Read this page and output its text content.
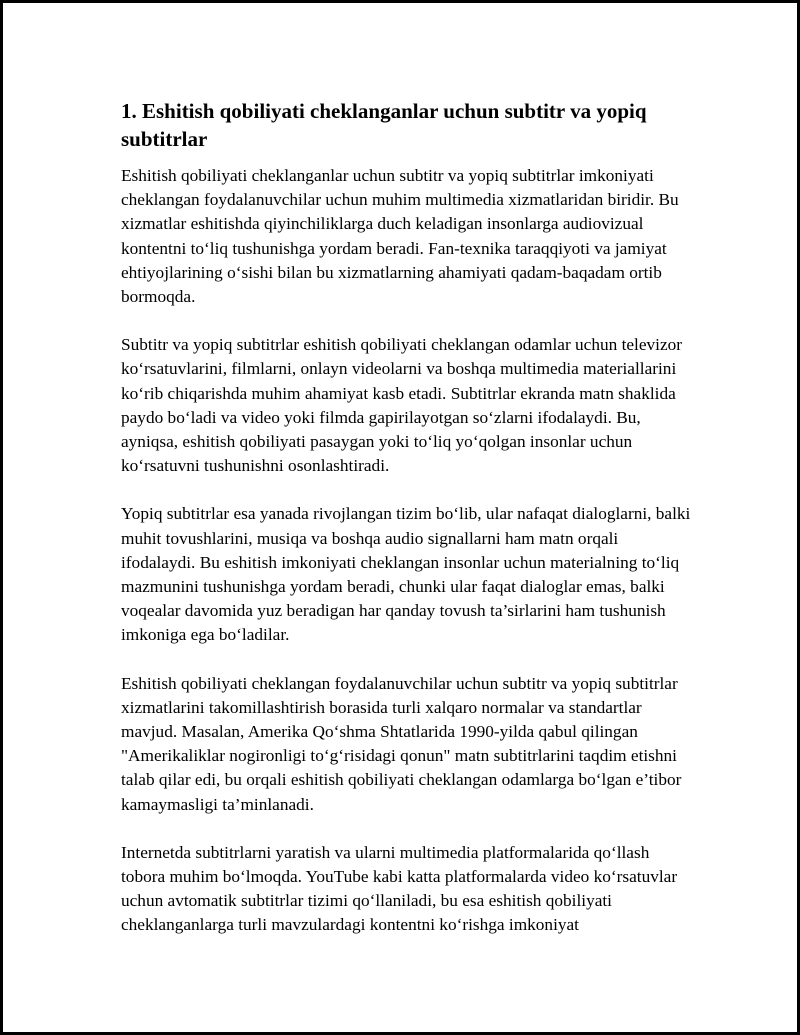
1. Eshitish qobiliyati cheklanganlar uchun subtitr va yopiq subtitrlar

Eshitish qobiliyati cheklanganlar uchun subtitr va yopiq subtitrlar imkoniyati cheklangan foydalanuvchilar uchun muhim multimedia xizmatlaridan biridir. Bu xizmatlar eshitishda qiyinchiliklarga duch keladigan insonlarga audiovizual kontentni to‘liq tushunishga yordam beradi. Fan-texnika taraqqiyoti va jamiyat ehtiyojlarining o‘sishi bilan bu xizmatlarning ahamiyati qadam-baqadam ortib bormoqda.

Subtitr va yopiq subtitrlar eshitish qobiliyati cheklangan odamlar uchun televizor ko‘rsatuvlarini, filmlarni, onlayn videolarni va boshqa multimedia materiallarini ko‘rib chiqarishda muhim ahamiyat kasb etadi. Subtitrlar ekranda matn shaklida paydo bo‘ladi va video yoki filmda gapirilayotgan so‘zlarni ifodalaydi. Bu, ayniqsa, eshitish qobiliyati pasaygan yoki to‘liq yo‘qolgan insonlar uchun ko‘rsatuvni tushunishni osonlashtiradi.

Yopiq subtitrlar esa yanada rivojlangan tizim bo‘lib, ular nafaqat dialoglarni, balki muhit tovushlarini, musiqa va boshqa audio signallarni ham matn orqali ifodalaydi. Bu eshitish imkoniyati cheklangan insonlar uchun materialning to‘liq mazmunini tushunishga yordam beradi, chunki ular faqat dialoglar emas, balki voqealar davomida yuz beradigan har qanday tovush ta’sirlarini ham tushunish imkoniga ega bo‘ladilar.

Eshitish qobiliyati cheklangan foydalanuvchilar uchun subtitr va yopiq subtitrlar xizmatlarini takomillashtirish borasida turli xalqaro normalar va standartlar mavjud. Masalan, Amerika Qo‘shma Shtatlarida 1990-yilda qabul qilingan "Amerikaliklar nogironligi to‘g‘risidagi qonun" matn subtitrlarini taqdim etishni talab qilar edi, bu orqali eshitish qobiliyati cheklangan odamlarga bo‘lgan e’tibor kamaymasligi ta’minlanadi.

Internetda subtitrlarni yaratish va ularni multimedia platformalarida qo‘llash tobora muhim bo‘lmoqda. YouTube kabi katta platformalarda video ko‘rsatuvlar uchun avtomatik subtitrlar tizimi qo‘llaniladi, bu esa eshitish qobiliyati cheklanganlarga turli mavzulardagi kontentni ko‘rishga imkoniyat
